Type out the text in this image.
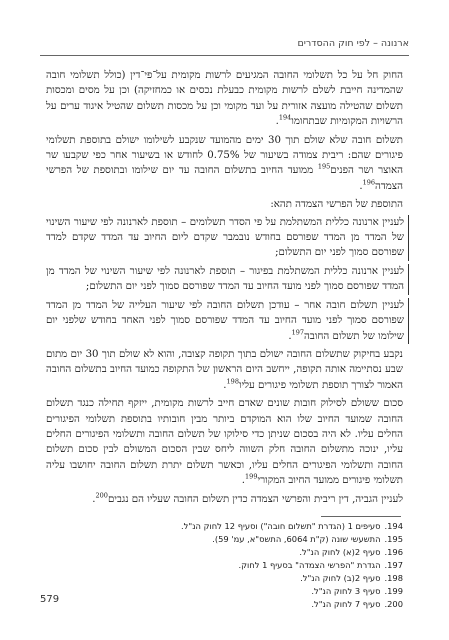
ארנונה – לפי חוק ההסדרים

החוק חל על כל תשלומי החובה המגיעים לרשות מקומית על־פי־דין (כולל תשלומי חובה שהמדינה חייבת לשלם לרשות מקומית כבעלת נכסים או כמחזיקה) וכן על מסים ומכסות תשלום שהטילה מועצה אזורית על ועד מקומי וכן על מכסות תשלום שהטיל איגוד ערים על הרשויות המקומיות שבתחומו$^{194}$.

תשלום חובה שלא שולם תוך 30 ימים מהמועד שנקבע לשילומו ישולם בתוספת תשלומי פיגורים שהם: ריבית צמודה בשיעור של 0.75% לחודש או בשיעור אחר כפי שקבעו שר האוצר ושר הפנים$^{195}$ ממועד החיוב בתשלום החובה עד יום שילומו ובתוספת של הפרשי הצמדה$^{196}$.

התוספת של הפרשי הצמדה תהא:

לעניין ארנונה כללית המשתלמת על פי הסדר תשלומים – תוספת לארנונה לפי שיעור השינוי של המדד מן המדד שפורסם בחודש נובמבר שקדם ליום החיוב עד המדד שקדם למדד שפורסם סמוך לפני יום התשלום;

לעניין ארנונה כללית המשתלמת בפיגור – תוספת לארנונה לפי שיעור השינוי של המדד מן המדד שפורסם סמוך לפני מועד החיוב עד המדד שפורסם סמוך לפני יום התשלום;

לעניין תשלום חובה אחר – עודכן תשלום החובה לפי שיעור העלייה של המדד מן המדד שפורסם סמוך לפני מועד החיוב עד המדד שפורסם סמוך לפני האחד בחודש שלפני יום שילומו של תשלום החובה$^{197}$.

נקבע בחיקוק שתשלום החובה ישולם בתוך תקופה קצובה, והוא לא שולם תוך 30 יום מתום שבע נסתיימה אותה תקופה, ייחשב היום הראשון של התקופה כמועד החיוב בתשלום החובה האמור לצורך תוספת תשלומי פיגורים עליו$^{198}$.

סכום ששולם לסילוק חובות שונים שאדם חייב לרשות מקומית, ייזקף תחילה כנגד תשלום החובה שמועד החיוב שלו הוא המוקדם ביותר מבין חובותיו בתוספת תשלומי הפיגורים החלים עליו. לא היה בסכום שניתן כדי סילוקו של תשלום החובה ותשלומי הפיגורים החלים עליו, ינוכה מתשלום החובה חלק השווה ליחס שבין הסכום המשולם לבין סכום תשלום החובה ותשלומי הפיגורים החלים עליו, וכאשר תשלום יתרת תשלום החובה יחושבו עליה תשלומי פיגורים ממועד החיוב המקורי$^{199}$.

לעניין הגביה, דין ריבית והפרשי הצמדה כדין תשלום החובה שעליו הם נגבים$^{200}$.

194.
סעיפים 1 (הגדרת "תשלום חובה") וסעיף 12 לחוק הנ"ל.
195.
התשעשי שונה (ק"ת 6064, התשס"א, עמ' 59).
196.
סעיף 2(א) לחוק הנ"ל.
197.
הגדרת "הפרשי הצמדה" בסעיף 1 לחוק.
198.
סעיף 2(ב) לחוק הנ"ל.
199.
סעיף 3 לחוק הנ"ל.
200.
סעיף 7 לחוק הנ"ל.
579
